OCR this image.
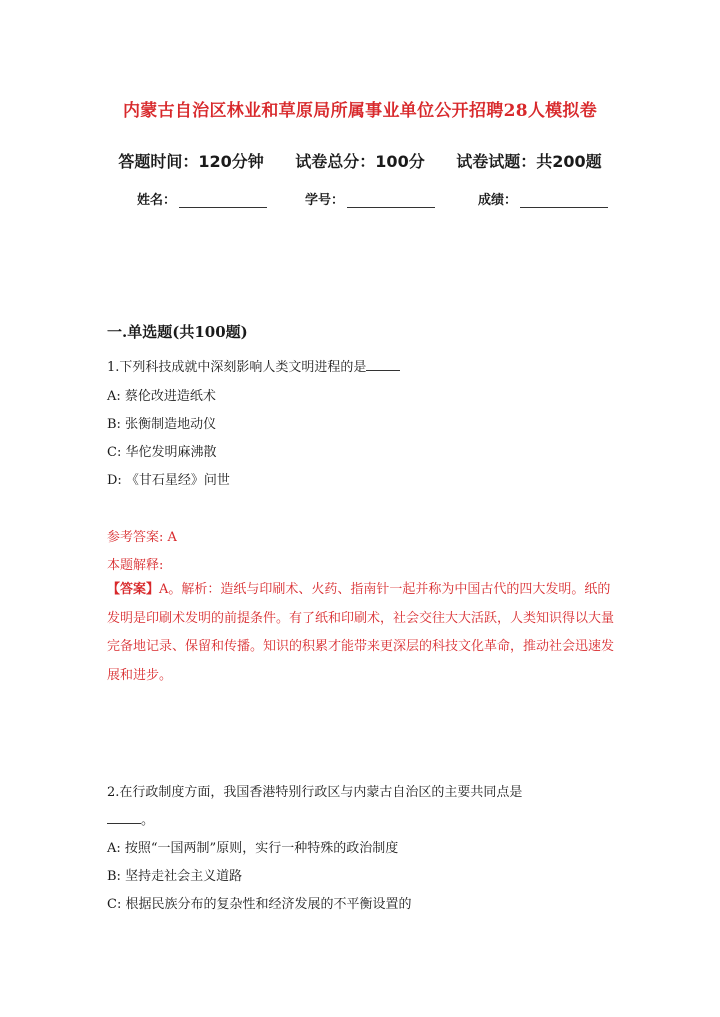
内蒙古自治区林业和草原局所属事业单位公开招聘28人模拟卷
答题时间：120分钟 试卷总分：100分 试卷试题：共200题
姓名：	学号：	成绩：
一.单选题(共100题)
1.下列科技成就中深刻影响人类文明进程的是
A: 蔡伦改进造纸术
B: 张衡制造地动仪
C: 华佗发明麻沸散
D: 《甘石星经》问世
参考答案: A
本题解释:
【答案】A。解析：造纸与印刷术、火药、指南针一起并称为中国古代的四大发明。纸的发明是印刷术发明的前提条件。有了纸和印刷术，社会交往大大活跃，人类知识得以大量完备地记录、保留和传播。知识的积累才能带来更深层的科技文化革命，推动社会迅速发展和进步。
2.在行政制度方面，我国香港特别行政区与内蒙古自治区的主要共同点是
。
A: 按照“一国两制”原则，实行一种特殊的政治制度
B: 坚持走社会主义道路
C: 根据民族分布的复杂性和经济发展的不平衡设置的
